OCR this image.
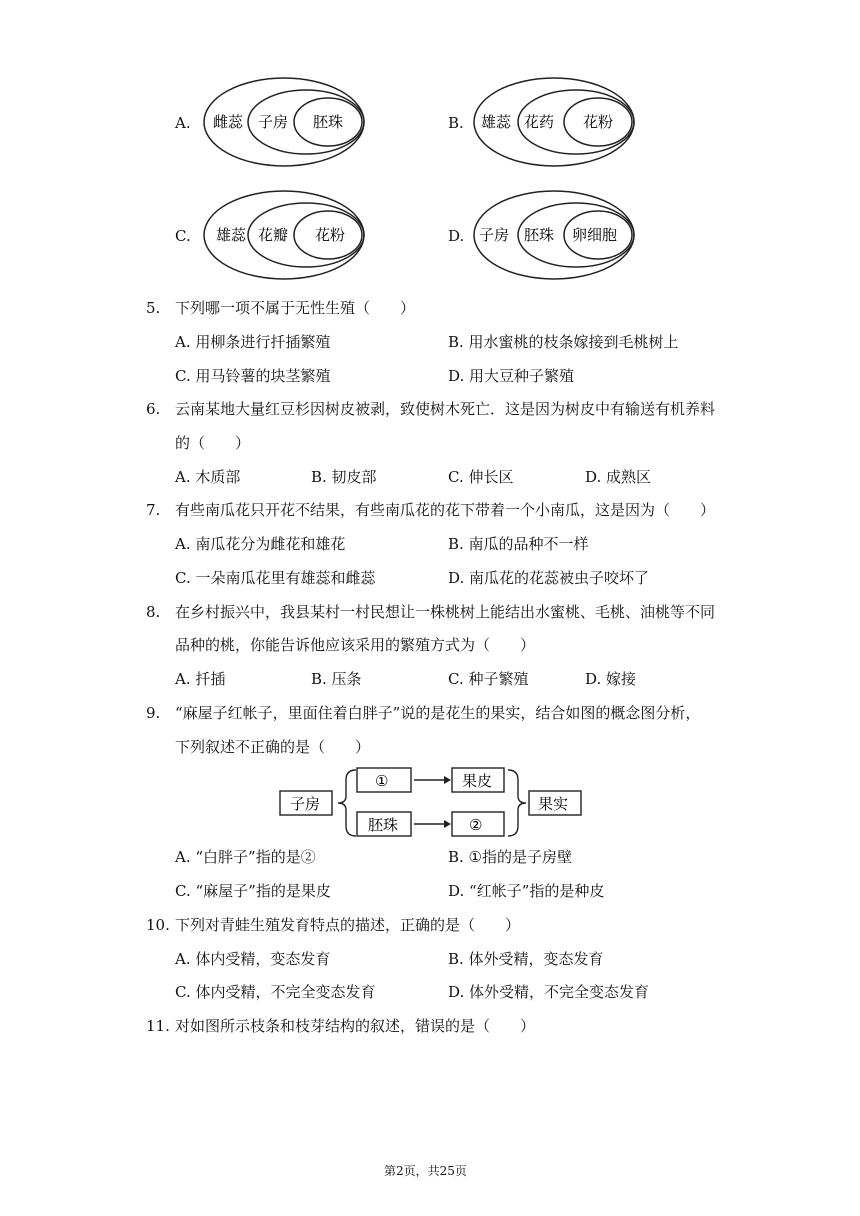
A. 雌蕊 子房 胚珠	B. 雄蕊 花药 花粉
C. 雄蕊 花瓣 花粉	D. 子房 胚珠 卵细胞
5. 下列哪一项不属于无性生殖（　　）
A. 用柳条进行扦插繁殖	B. 用水蜜桃的枝条嫁接到毛桃树上
C. 用马铃薯的块茎繁殖	D. 用大豆种子繁殖
6. 云南某地大量红豆杉因树皮被剥，致使树木死亡．这是因为树皮中有输送有机养料
的（　　）
A. 木质部	B. 韧皮部	C. 伸长区	D. 成熟区
7. 有些南瓜花只开花不结果，有些南瓜花的花下带着一个小南瓜，这是因为（　　）
A. 南瓜花分为雌花和雄花	B. 南瓜的品种不一样
C. 一朵南瓜花里有雄蕊和雌蕊	D. 南瓜花的花蕊被虫子咬坏了
8. 在乡村振兴中，我县某村一村民想让一株桃树上能结出水蜜桃、毛桃、油桃等不同
品种的桃，你能告诉他应该采用的繁殖方式为（　　）
A. 扦插	B. 压条	C. 种子繁殖	D. 嫁接
9. “麻屋子红帐子，里面住着白胖子”说的是花生的果实，结合如图的概念图分析，
下列叙述不正确的是（　　）
子房
①	果皮
胚珠	②
果实
A. “白胖子”指的是②	B. ①指的是子房壁
C. “麻屋子”指的是果皮	D. “红帐子”指的是种皮
10. 下列对青蛙生殖发育特点的描述，正确的是（　　）
A. 体内受精，变态发育	B. 体外受精，变态发育
C. 体内受精，不完全变态发育	D. 体外受精，不完全变态发育
11. 对如图所示枝条和枝芽结构的叙述，错误的是（　　）
第2页，共25页
